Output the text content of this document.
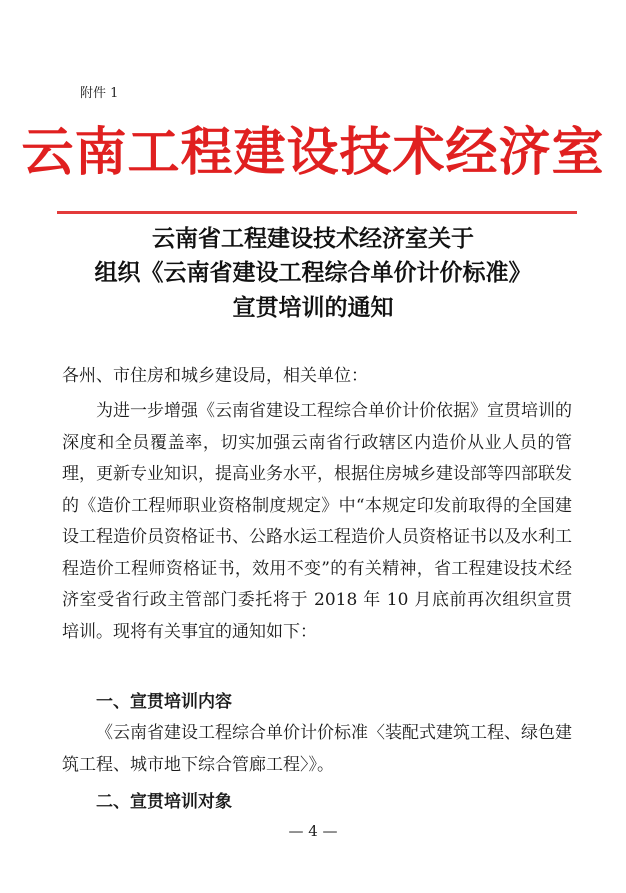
附件 1
云南工程建设技术经济室
云南省工程建设技术经济室关于
组织《云南省建设工程综合单价计价标准》
宣贯培训的通知
各州、市住房和城乡建设局，相关单位：
为进一步增强《云南省建设工程综合单价计价依据》宣贯培训的深度和全员覆盖率，切实加强云南省行政辖区内造价从业人员的管理，更新专业知识，提高业务水平，根据住房城乡建设部等四部联发的《造价工程师职业资格制度规定》中“本规定印发前取得的全国建设工程造价员资格证书、公路水运工程造价人员资格证书以及水利工程造价工程师资格证书，效用不变”的有关精神，省工程建设技术经济室受省行政主管部门委托将于 2018 年 10 月底前再次组织宣贯培训。现将有关事宜的通知如下：
一、宣贯培训内容
《云南省建设工程综合单价计价标准〈装配式建筑工程、绿色建筑工程、城市地下综合管廊工程〉》。
二、宣贯培训对象
— 4 —
